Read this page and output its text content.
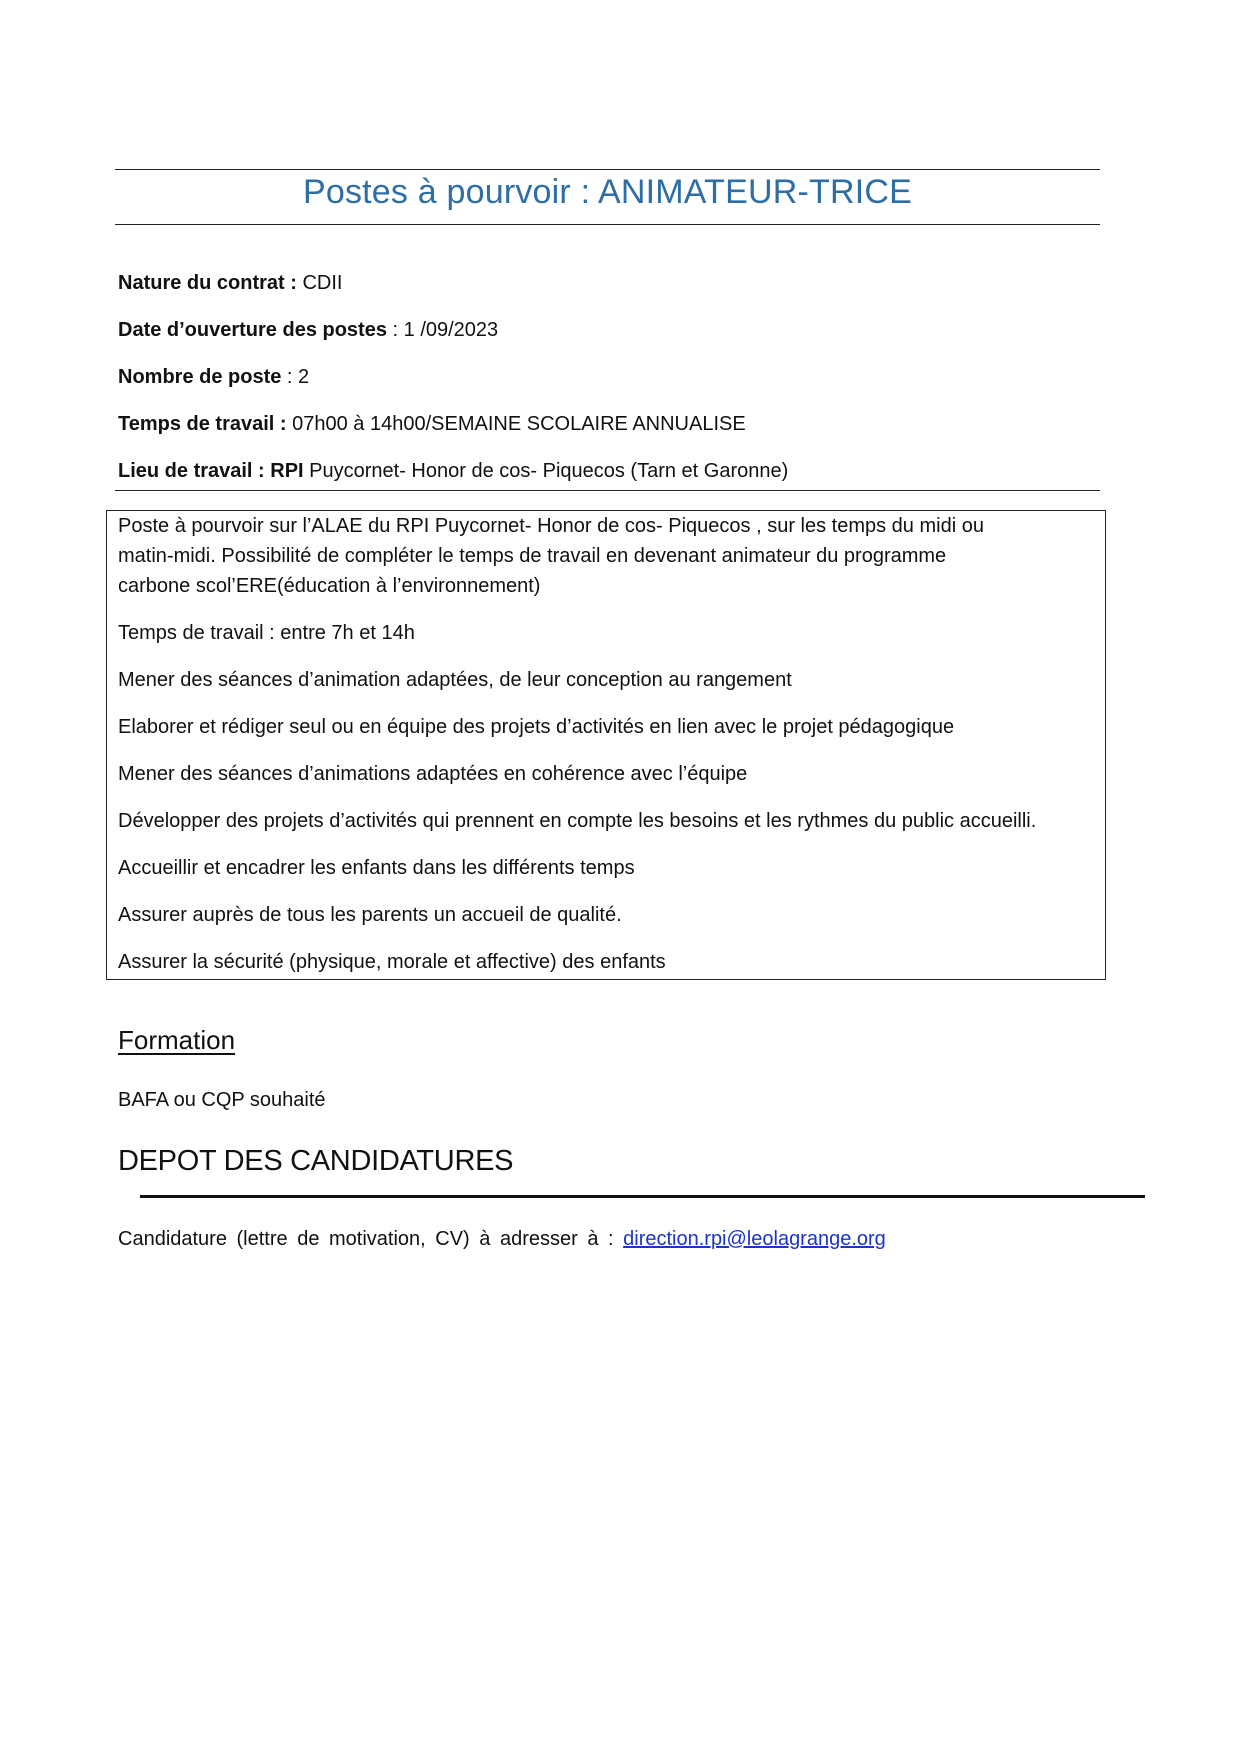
Postes à pourvoir : ANIMATEUR-TRICE
Nature du contrat : CDII
Date d’ouverture des postes : 1 /09/2023
Nombre de poste : 2
Temps de travail : 07h00 à 14h00/SEMAINE SCOLAIRE ANNUALISE
Lieu de travail : RPI Puycornet- Honor de cos- Piquecos (Tarn et Garonne)
Poste à pourvoir sur l’ALAE du RPI Puycornet- Honor de cos- Piquecos , sur les temps du midi ou
matin-midi. Possibilité de compléter le temps de travail en devenant animateur du programme
carbone scol’ERE(éducation à l’environnement)
Temps de travail : entre 7h et 14h
Mener des séances d’animation adaptées, de leur conception au rangement
Elaborer et rédiger seul ou en équipe des projets d’activités en lien avec le projet pédagogique
Mener des séances d’animations adaptées en cohérence avec l’équipe
Développer des projets d’activités qui prennent en compte les besoins et les rythmes du public accueilli.
Accueillir et encadrer les enfants dans les différents temps
Assurer auprès de tous les parents un accueil de qualité.
Assurer la sécurité (physique, morale et affective) des enfants
Formation
BAFA ou CQP souhaité
DEPOT DES CANDIDATURES
Candidature (lettre de motivation, CV) à adresser à : direction.rpi@leolagrange.org
